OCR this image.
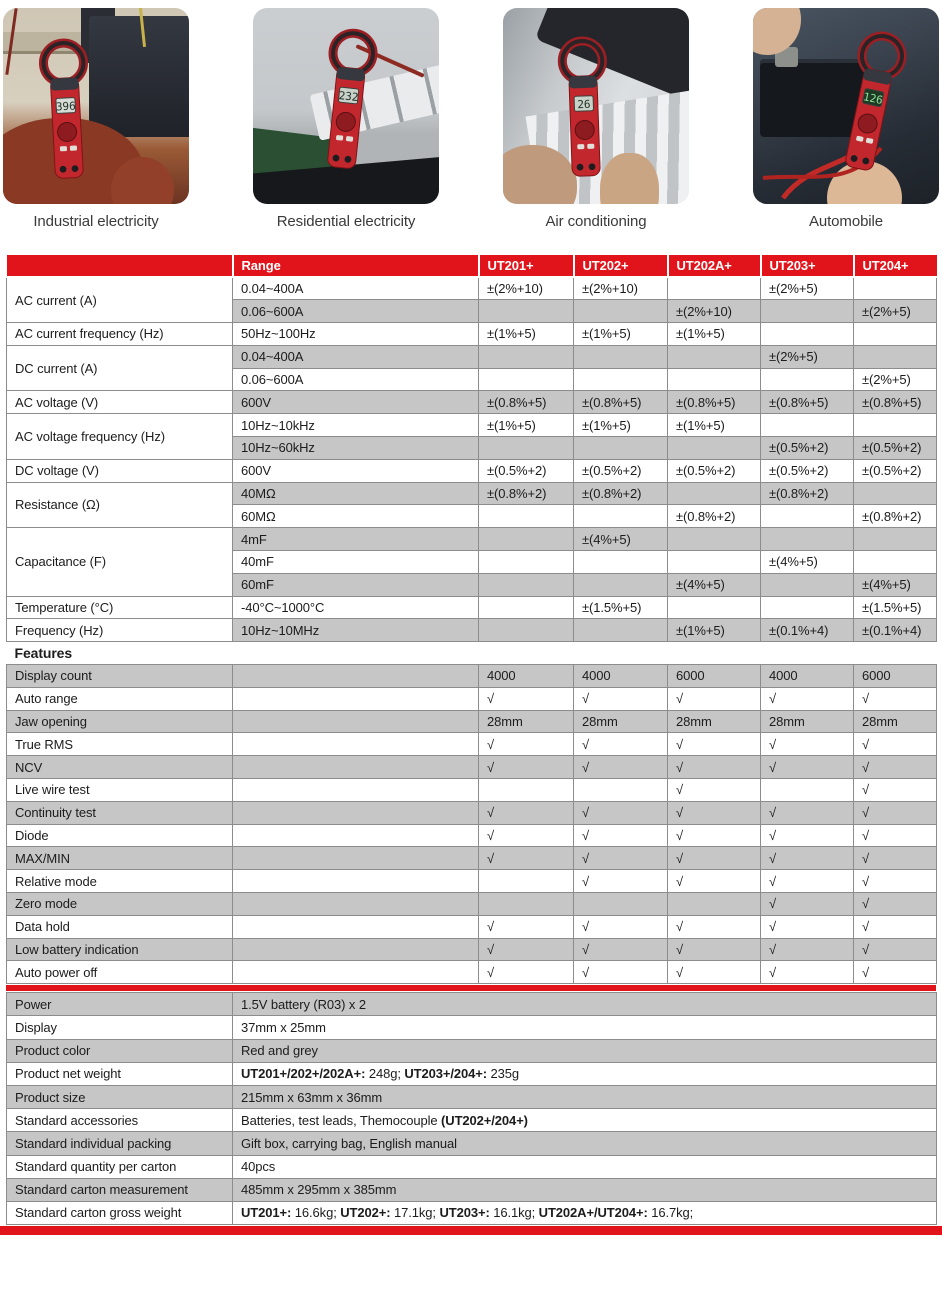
396
Industrial electricity
232
Residential electricity
26
Air conditioning
126
Automobile
	Range	UT201+	UT202+	UT202A+	UT203+	UT204+
AC current (A)	0.04~400A	±(2%+10)	±(2%+10)		±(2%+5)	
	0.06~600A			±(2%+10)		±(2%+5)
AC current frequency (Hz)	50Hz~100Hz	±(1%+5)	±(1%+5)	±(1%+5)		
DC current (A)	0.04~400A				±(2%+5)	
	0.06~600A					±(2%+5)
AC voltage (V)	600V	±(0.8%+5)	±(0.8%+5)	±(0.8%+5)	±(0.8%+5)	±(0.8%+5)
AC voltage frequency (Hz)	10Hz~10kHz	±(1%+5)	±(1%+5)	±(1%+5)		
	10Hz~60kHz				±(0.5%+2)	±(0.5%+2)
DC voltage (V)	600V	±(0.5%+2)	±(0.5%+2)	±(0.5%+2)	±(0.5%+2)	±(0.5%+2)
Resistance (Ω)	40MΩ	±(0.8%+2)	±(0.8%+2)		±(0.8%+2)	
	60MΩ			±(0.8%+2)		±(0.8%+2)
Capacitance (F)	4mF		±(4%+5)			
	40mF				±(4%+5)	
	60mF			±(4%+5)		±(4%+5)
Temperature (°C)	-40°C~1000°C		±(1.5%+5)			±(1.5%+5)
Frequency (Hz)	10Hz~10MHz			±(1%+5)	±(0.1%+4)	±(0.1%+4)
Features						
Display count		4000	4000	6000	4000	6000
Auto range		√	√	√	√	√
Jaw opening		28mm	28mm	28mm	28mm	28mm
True RMS		√	√	√	√	√
NCV		√	√	√	√	√
Live wire test				√		√
Continuity test		√	√	√	√	√
Diode		√	√	√	√	√
MAX/MIN		√	√	√	√	√
Relative mode			√	√	√	√
Zero mode					√	√
Data hold		√	√	√	√	√
Low battery indication		√	√	√	√	√
Auto power off		√	√	√	√	√
Power	1.5V battery (R03) x 2
Display	37mm x 25mm
Product color	Red and grey
Product net weight	UT201+/202+/202A+: 248g; UT203+/204+: 235g
Product size	215mm x 63mm x 36mm
Standard accessories	Batteries, test leads, Themocouple (UT202+/204+)
Standard individual packing	Gift box, carrying bag, English manual
Standard quantity per carton	40pcs
Standard carton measurement	485mm x 295mm x 385mm
Standard carton gross weight	UT201+: 16.6kg; UT202+: 17.1kg; UT203+: 16.1kg; UT202A+/UT204+: 16.7kg;
